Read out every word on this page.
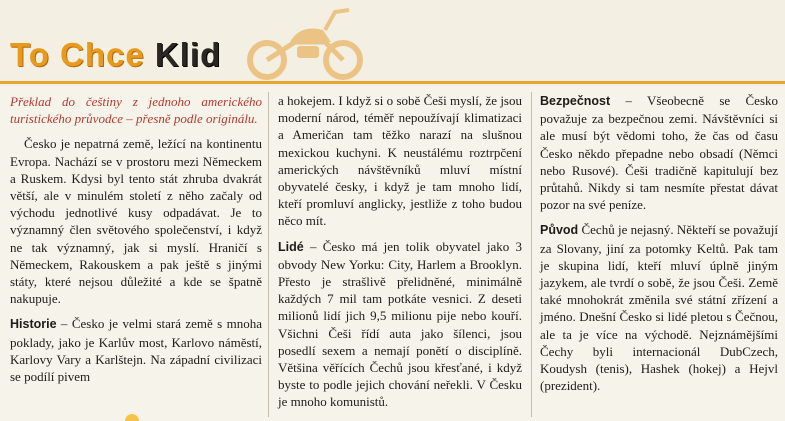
To Chce Klid

Překlad do češtiny z jednoho amerického turistického průvodce – přesně podle originálu.

Česko je nepatrná země, ležící na kontinentu Evropa. Nachází se v prostoru mezi Německem a Ruskem. Kdysi byl tento stát zhruba dvakrát větší, ale v minulém století z něho začaly od východu jednotlivé kusy odpadávat. Je to významný člen světového společenství, i když ne tak významný, jak si myslí. Hraničí s Německem, Rakouskem a pak ještě s jinými státy, které nejsou důležité a kde se špatně nakupuje.

Historie – Česko je velmi stará země s mnoha poklady, jako je Karlův most, Karlovo náměstí, Karlovy Vary a Karlštejn. Na západní civilizaci se podílí pivem

a hokejem. I když si o sobě Češi myslí, že jsou moderní národ, téměř nepoužívají klimatizaci a Američan tam těžko narazí na slušnou mexickou kuchyni. K neustálému roztrpčení amerických návštěvníků mluví místní obyvatelé česky, i když je tam mnoho lidí, kteří promluví anglicky, jestliže z toho budou něco mít.

Lidé – Česko má jen tolik obyvatel jako 3 obvody New Yorku: City, Harlem a Brooklyn. Přesto je strašlivě přelidněné, minimálně každých 7 mil tam potkáte vesnici. Z deseti milionů lidí jich 9,5 milionu pije nebo kouří. Všichni Češi řídí auta jako šílenci, jsou posedlí sexem a nemají ponětí o disciplíně. Většina věřících Čechů jsou křesťané, i když byste to podle jejich chování neřekli. V Česku je mnoho komunistů.

Bezpečnost – Všeobecně se Česko považuje za bezpečnou zemi. Návštěvníci si ale musí být vědomi toho, že čas od času Česko někdo přepadne nebo obsadí (Němci nebo Rusové). Češi tradičně kapitulují bez průtahů. Nikdy si tam nesmíte přestat dávat pozor na své peníze.

Původ Čechů je nejasný. Někteří se považují za Slovany, jiní za potomky Keltů. Pak tam je skupina lidí, kteří mluví úplně jiným jazykem, ale tvrdí o sobě, že jsou Češi. Země také mnohokrát změnila své státní zřízení a jméno. Dnešní Česko si lidé pletou s Čečnou, ale ta je více na východě. Nejznámějšími Čechy byli internacionál DubCzech, Koudysh (tenis), Hashek (hokej) a Hejvl (prezident).
